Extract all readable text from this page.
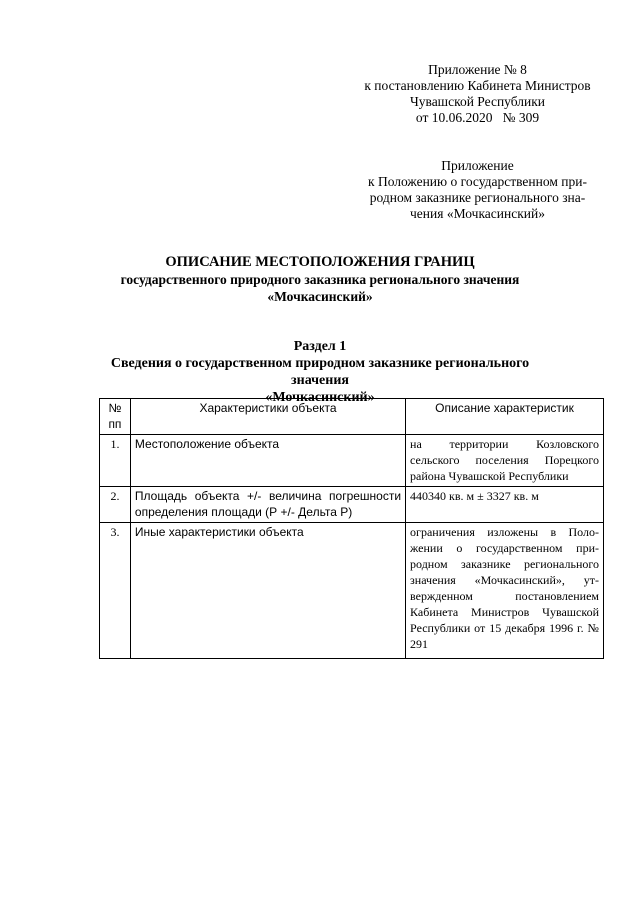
Приложение № 8
к постановлению Кабинета Министров
Чувашской Республики
от 10.06.2020   № 309
Приложение
к Положению о государственном при-
родном заказнике регионального зна-
чения «Мочкасинский»
ОПИСАНИЕ МЕСТОПОЛОЖЕНИЯ ГРАНИЦ
государственного природного заказника регионального значения
«Мочкасинский»
Раздел 1
Сведения о государственном природном заказнике регионального значения
«Мочкасинский»
№ пп	Характеристики объекта	Описание характеристик
1.	Местоположение объекта	на территории Козловского сельского поселения Порецкого района Чувашской Республики
2.	Площадь объекта +/- величина погрешности определения площади (Р +/- Дельта Р)	440340 кв. м ± 3327 кв. м
3.	Иные характеристики объекта	ограничения изложены в Положении о государственном природном заказнике регионального значения «Мочкасинский», утвержденном постановлением Кабинета Министров Чувашской Республики от 15 декабря 1996 г. № 291
